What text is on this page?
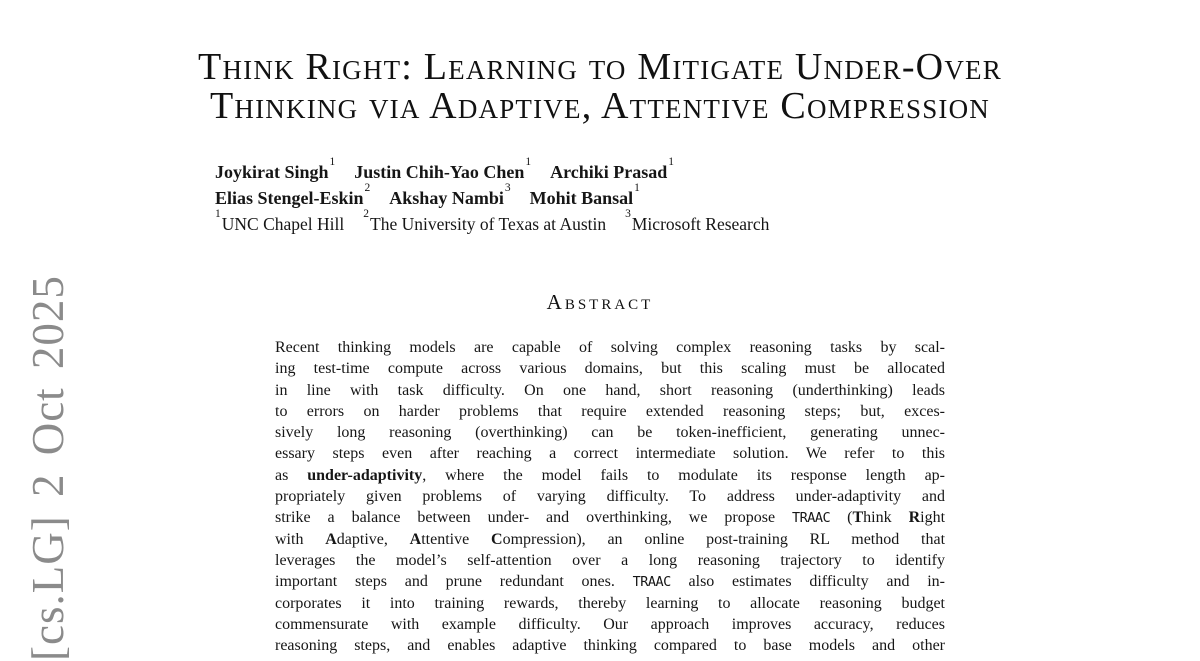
[cs.LG] 2 Oct 2025
Think Right: Learning to Mitigate Under-Over
Thinking via Adaptive, Attentive Compression
Joykirat Singh$^1$Justin Chih-Yao Chen$^1$Archiki Prasad$^1$
Elias Stengel-Eskin$^2$Akshay Nambi$^3$Mohit Bansal$^1$
$^1$UNC Chapel Hill$^2$The University of Texas at Austin$^3$Microsoft Research
Abstract
Recent thinking models are capable of solving complex reasoning tasks by scal-
ing test-time compute across various domains, but this scaling must be allocated
in line with task difficulty. On one hand, short reasoning (underthinking) leads
to errors on harder problems that require extended reasoning steps; but, exces-
sively long reasoning (overthinking) can be token-inefficient, generating unnec-
essary steps even after reaching a correct intermediate solution. We refer to this
as under-adaptivity, where the model fails to modulate its response length ap-
propriately given problems of varying difficulty. To address under-adaptivity and
strike a balance between under- and overthinking, we propose TRAAC (Think Right
with Adaptive, Attentive Compression), an online post-training RL method that
leverages the model’s self-attention over a long reasoning trajectory to identify
important steps and prune redundant ones. TRAAC also estimates difficulty and in-
corporates it into training rewards, thereby learning to allocate reasoning budget
commensurate with example difficulty. Our approach improves accuracy, reduces
reasoning steps, and enables adaptive thinking compared to base models and other
